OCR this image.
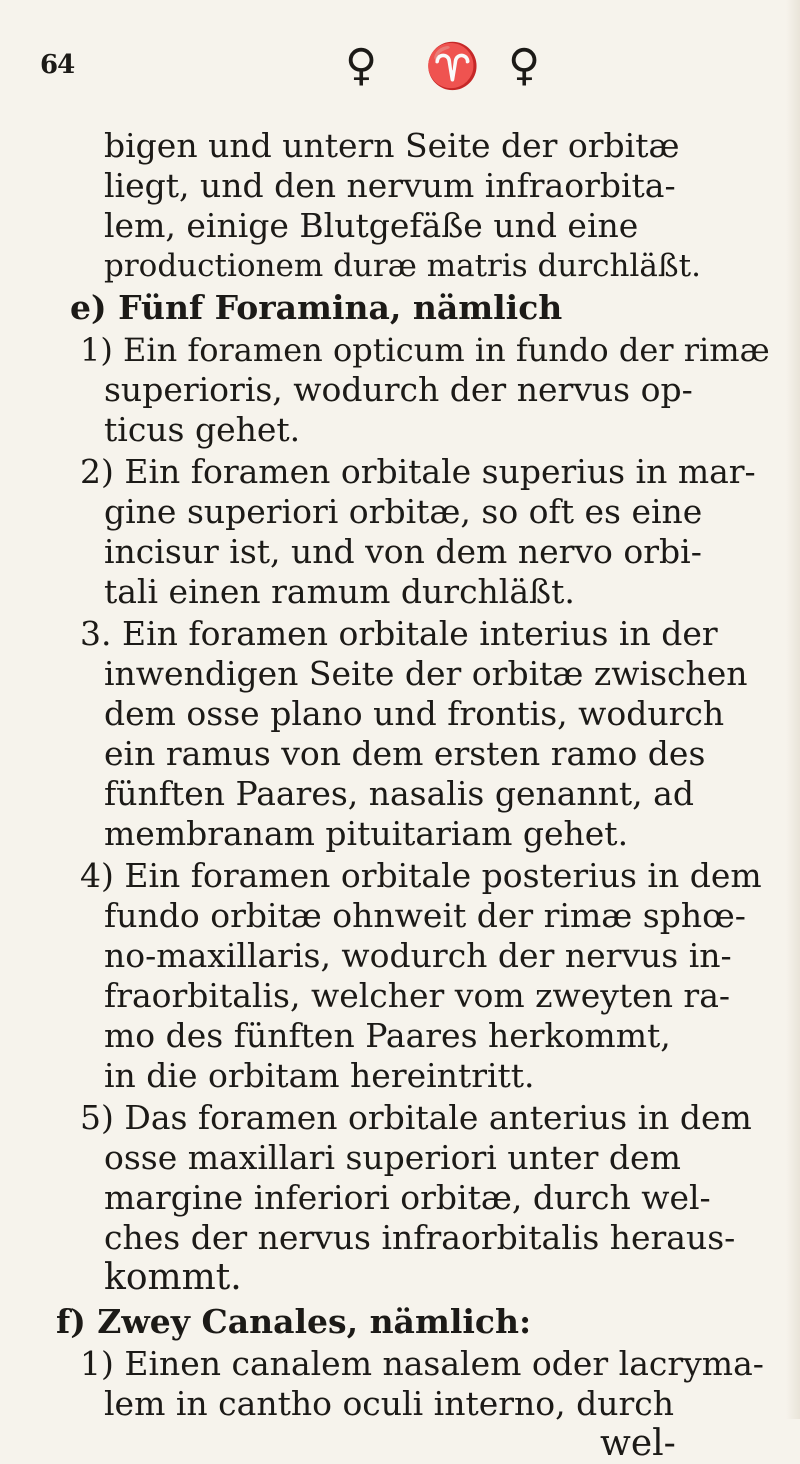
64	♀ ♈ ♀
bigen und untern Seite der orbitæ
liegt, und den nervum infraorbita-
lem, einige Blutgefäße und eine
productionem duræ matris durchläßt.
e) Fünf Foramina, nämlich
1) Ein foramen opticum in fundo der rimæ
superioris, wodurch der nervus op-
ticus gehet.
2) Ein foramen orbitale superius in mar-
gine superiori orbitæ, so oft es eine
incisur ist, und von dem nervo orbi-
tali einen ramum durchläßt.
3. Ein foramen orbitale interius in der
inwendigen Seite der orbitæ zwischen
dem osse plano und frontis, wodurch
ein ramus von dem ersten ramo des
fünften Paares, nasalis genannt, ad
membranam pituitariam gehet.
4) Ein foramen orbitale posterius in dem
fundo orbitæ ohnweit der rimæ sphœ-
no-maxillaris, wodurch der nervus in-
fraorbitalis, welcher vom zweyten ra-
mo des fünften Paares herkommt,
in die orbitam hereintritt.
5) Das foramen orbitale anterius in dem
osse maxillari superiori unter dem
margine inferiori orbitæ, durch wel-
ches der nervus infraorbitalis heraus-
kommt.
f) Zwey Canales, nämlich:
1) Einen canalem nasalem oder lacryma-
lem in cantho oculi interno, durch
wel-
